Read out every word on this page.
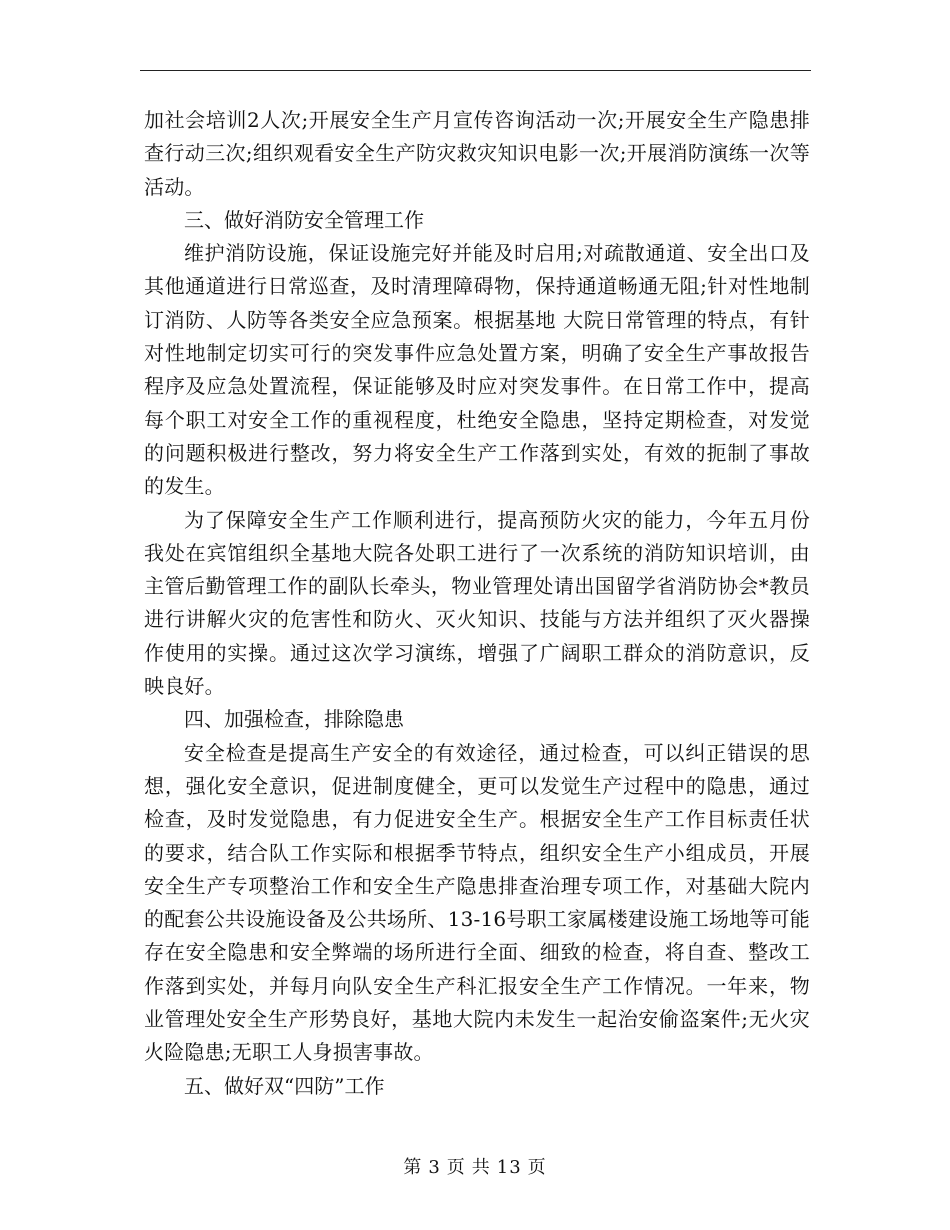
加社会培训2人次;开展安全生产月宣传咨询活动一次;开展安全生产隐患排查行动三次;组织观看安全生产防灾救灾知识电影一次;开展消防演练一次等活动。

三、做好消防安全管理工作

维护消防设施，保证设施完好并能及时启用;对疏散通道、安全出口及其他通道进行日常巡查，及时清理障碍物，保持通道畅通无阻;针对性地制订消防、人防等各类安全应急预案。根据基地 大院日常管理的特点，有针对性地制定切实可行的突发事件应急处置方案，明确了安全生产事故报告程序及应急处置流程，保证能够及时应对突发事件。在日常工作中，提高每个职工对安全工作的重视程度，杜绝安全隐患，坚持定期检查，对发觉的问题积极进行整改，努力将安全生产工作落到实处，有效的扼制了事故的发生。

为了保障安全生产工作顺利进行，提高预防火灾的能力，今年五月份我处在宾馆组织全基地大院各处职工进行了一次系统的消防知识培训，由主管后勤管理工作的副队长牵头，物业管理处请出国留学省消防协会*教员进行讲解火灾的危害性和防火、灭火知识、技能与方法并组织了灭火器操作使用的实操。通过这次学习演练，增强了广阔职工群众的消防意识，反映良好。

四、加强检查，排除隐患

安全检查是提高生产安全的有效途径，通过检查，可以纠正错误的思想，强化安全意识，促进制度健全，更可以发觉生产过程中的隐患，通过检查，及时发觉隐患，有力促进安全生产。根据安全生产工作目标责任状的要求，结合队工作实际和根据季节特点，组织安全生产小组成员，开展安全生产专项整治工作和安全生产隐患排查治理专项工作，对基础大院内的配套公共设施设备及公共场所、13-16号职工家属楼建设施工场地等可能存在安全隐患和安全弊端的场所进行全面、细致的检查，将自查、整改工作落到实处，并每月向队安全生产科汇报安全生产工作情况。一年来，物业管理处安全生产形势良好，基地大院内未发生一起治安偷盗案件;无火灾火险隐患;无职工人身损害事故。

五、做好双“四防”工作

第 3 页 共 13 页
